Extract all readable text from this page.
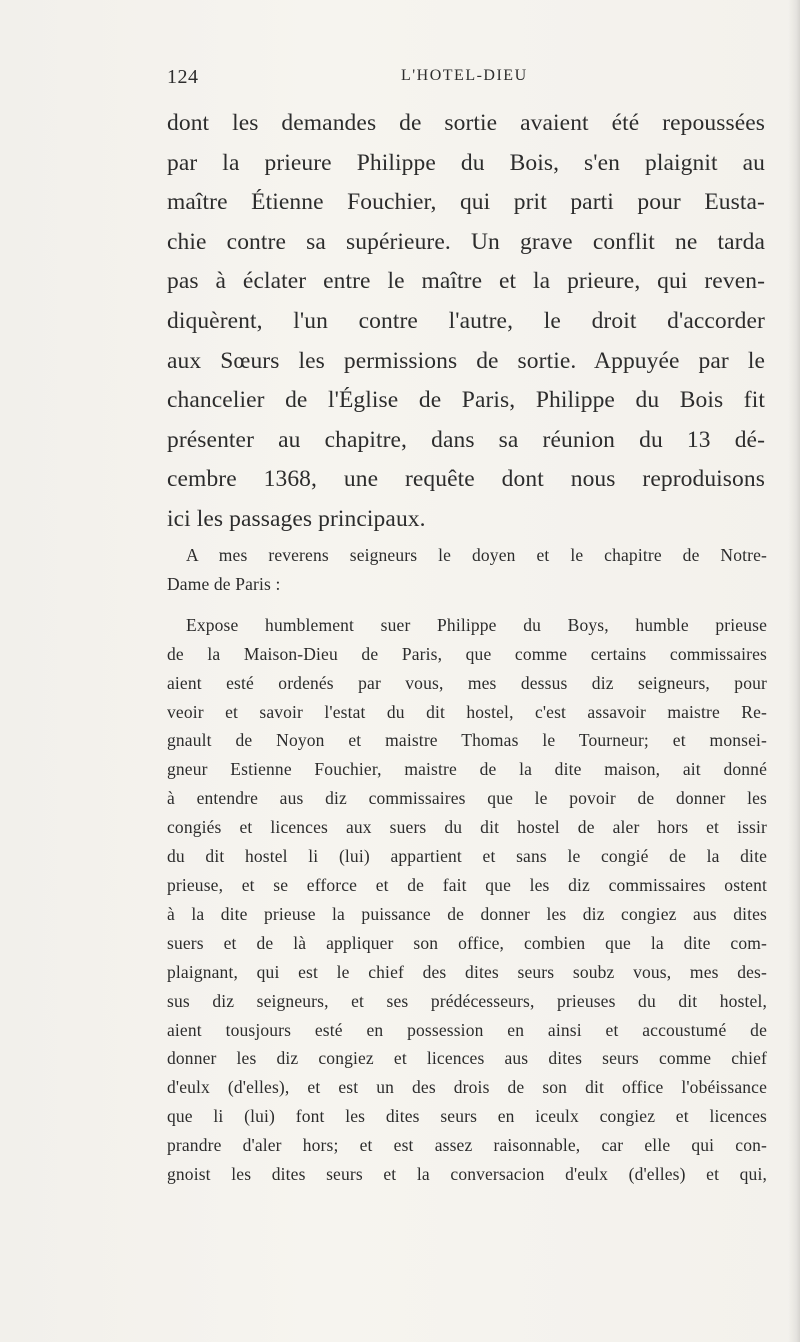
124	L'HOTEL-DIEU
dont les demandes de sortie avaient été repoussées
par la prieure Philippe du Bois, s'en plaignit au
maître Étienne Fouchier, qui prit parti pour Eusta-
chie contre sa supérieure. Un grave conflit ne tarda
pas à éclater entre le maître et la prieure, qui reven-
diquèrent, l'un contre l'autre, le droit d'accorder
aux Sœurs les permissions de sortie. Appuyée par le
chancelier de l'Église de Paris, Philippe du Bois fit
présenter au chapitre, dans sa réunion du 13 dé-
cembre 1368, une requête dont nous reproduisons
ici les passages principaux.
A mes reverens seigneurs le doyen et le chapitre de Notre-
Dame de Paris :
Expose humblement suer Philippe du Boys, humble prieuse
de la Maison-Dieu de Paris, que comme certains commissaires
aient esté ordenés par vous, mes dessus diz seigneurs, pour
veoir et savoir l'estat du dit hostel, c'est assavoir maistre Re-
gnault de Noyon et maistre Thomas le Tourneur; et monsei-
gneur Estienne Fouchier, maistre de la dite maison, ait donné
à entendre aus diz commissaires que le povoir de donner les
congiés et licences aux suers du dit hostel de aler hors et issir
du dit hostel li (lui) appartient et sans le congié de la dite
prieuse, et se efforce et de fait que les diz commissaires ostent
à la dite prieuse la puissance de donner les diz congiez aus dites
suers et de là appliquer son office, combien que la dite com-
plaignant, qui est le chief des dites seurs soubz vous, mes des-
sus diz seigneurs, et ses prédécesseurs, prieuses du dit hostel,
aient tousjours esté en possession en ainsi et accoustumé de
donner les diz congiez et licences aus dites seurs comme chief
d'eulx (d'elles), et est un des drois de son dit office l'obéissance
que li (lui) font les dites seurs en iceulx congiez et licences
prandre d'aler hors; et est assez raisonnable, car elle qui con-
gnoist les dites seurs et la conversacion d'eulx (d'elles) et qui,
